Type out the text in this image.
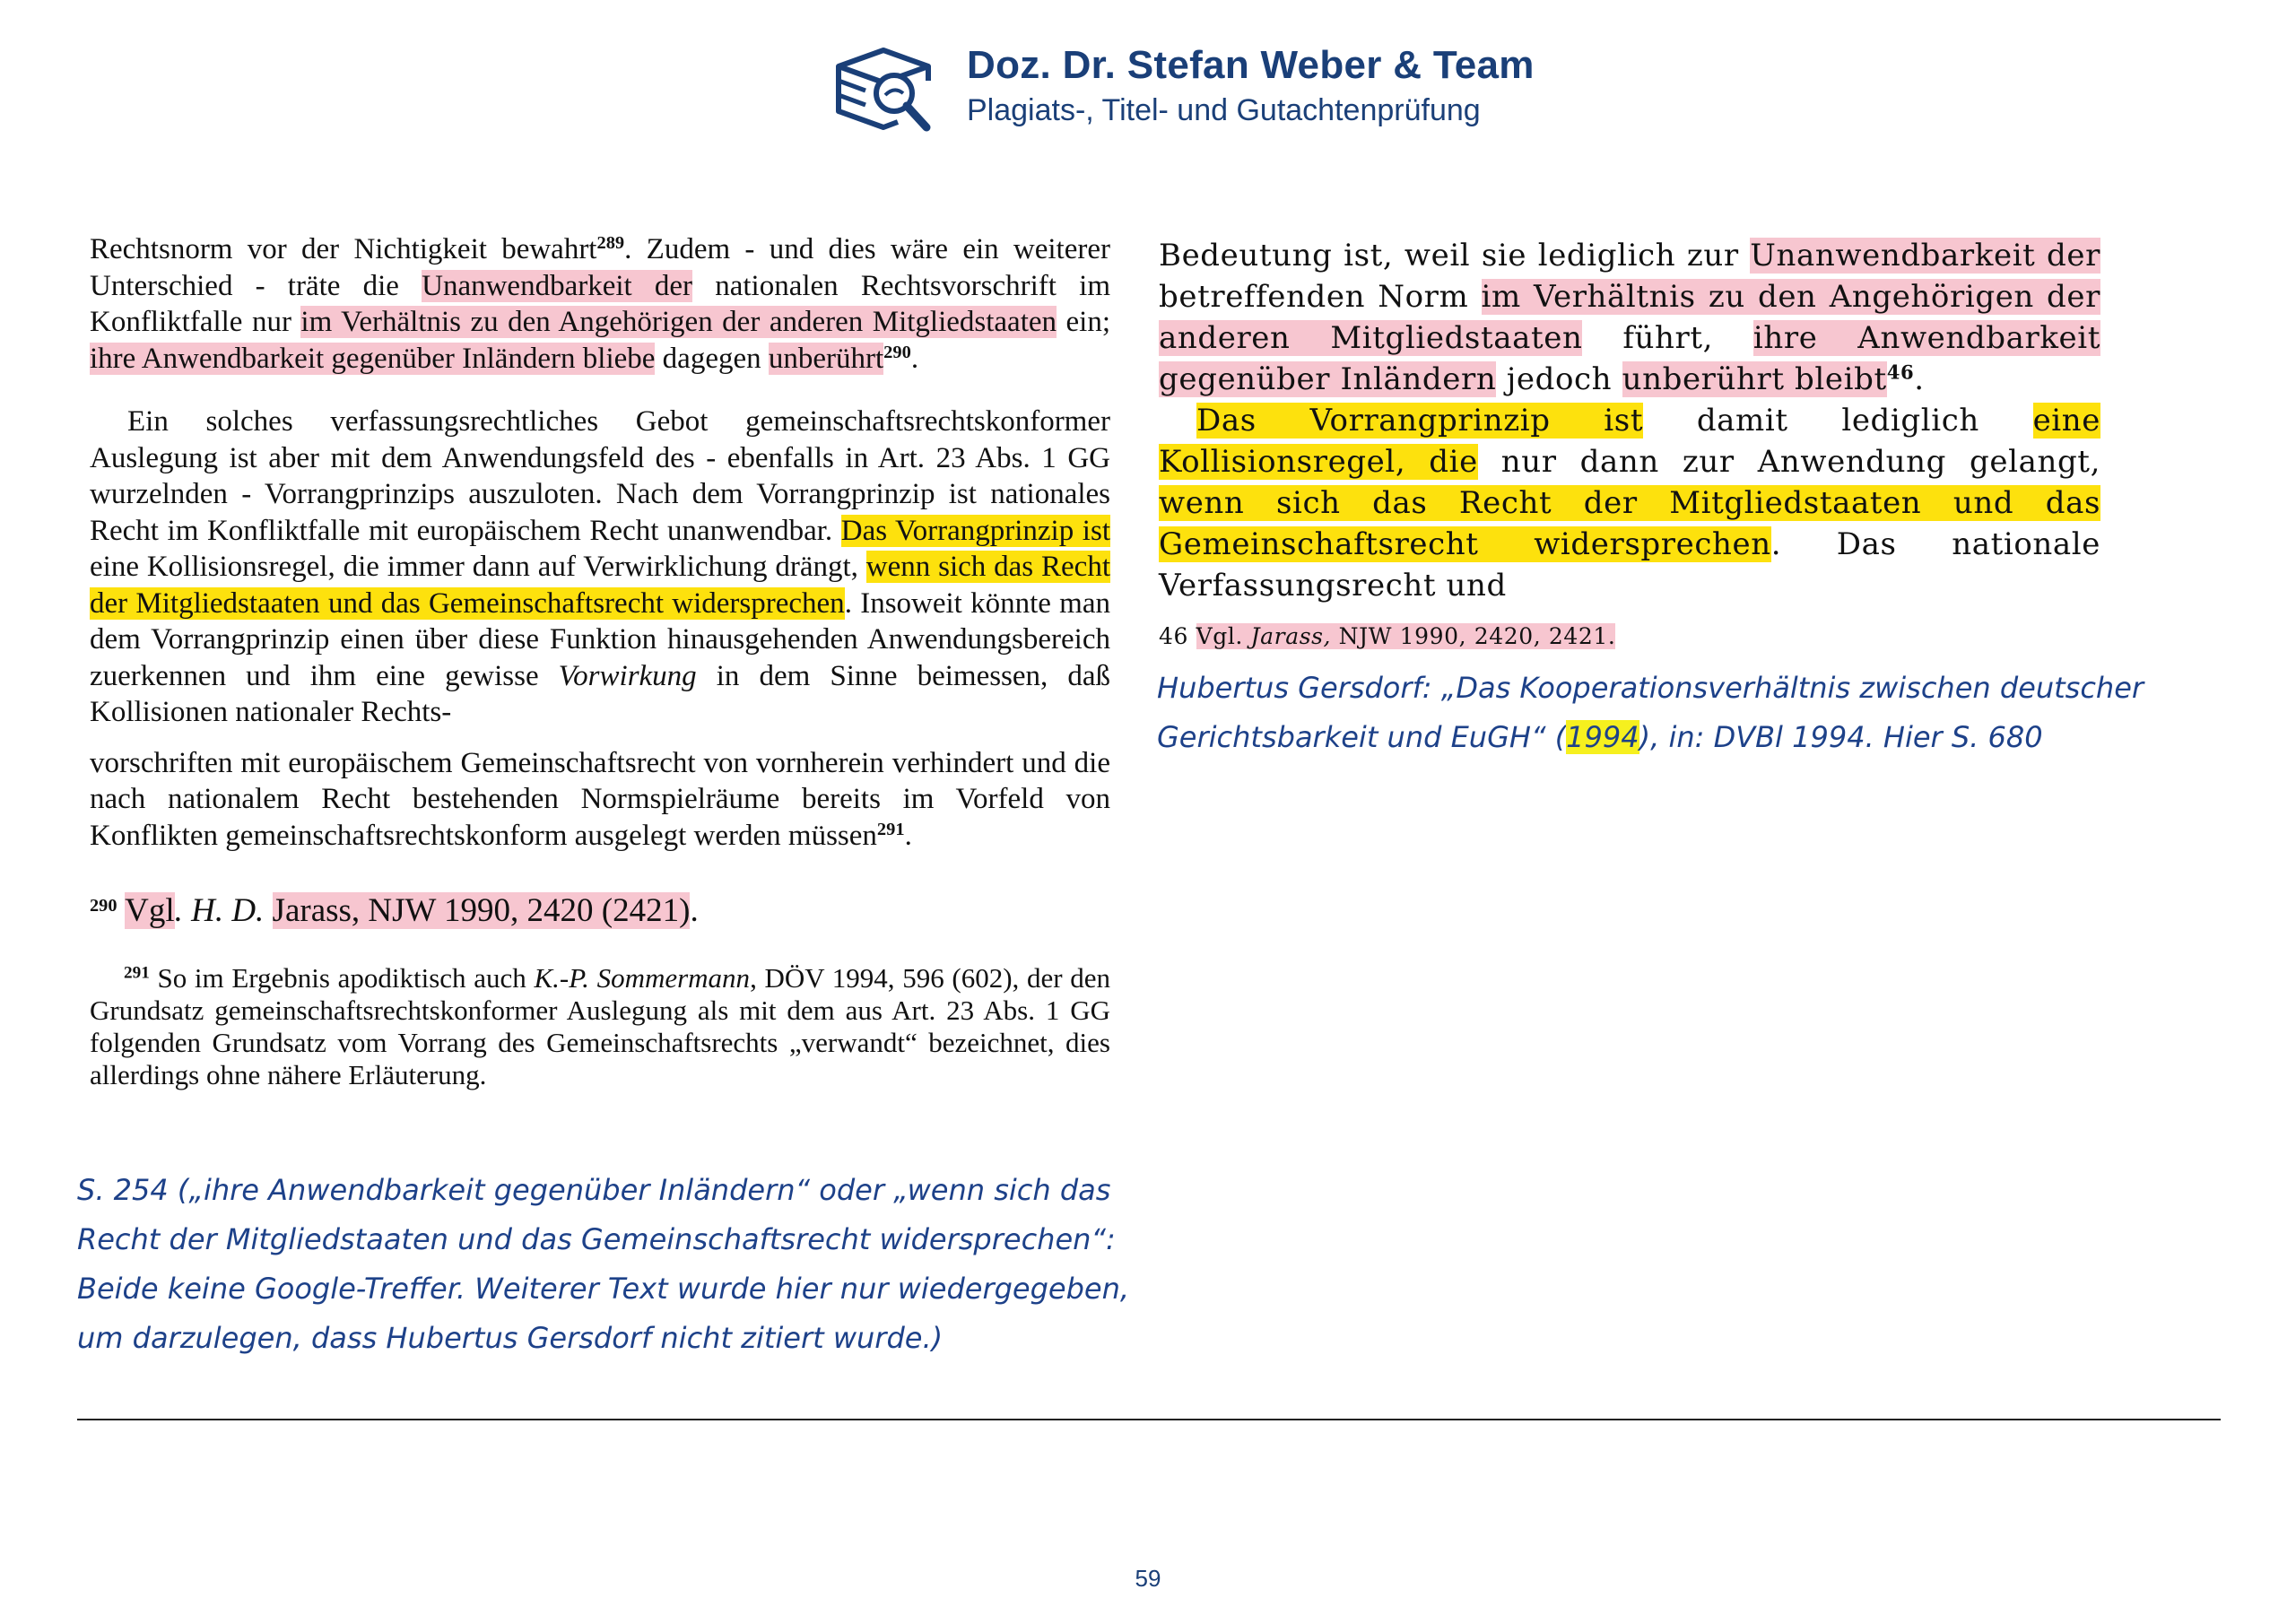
Doz. Dr. Stefan Weber & Team
Plagiats-, Titel- und Gutachtenprüfung

Rechtsnorm vor der Nichtigkeit bewahrt$^{289}$. Zudem - und dies wäre ein weiterer Unterschied - träte die Unanwendbarkeit der nationalen Rechtsvorschrift im Konfliktfalle nur im Verhältnis zu den Angehörigen der anderen Mitgliedstaaten ein; ihre Anwendbarkeit gegenüber Inländern bliebe dagegen unberührt$^{290}$.

Ein solches verfassungsrechtliches Gebot gemeinschaftsrechtskonformer Auslegung ist aber mit dem Anwendungsfeld des - ebenfalls in Art. 23 Abs. 1 GG wurzelnden - Vorrangprinzips auszuloten. Nach dem Vorrangprinzip ist nationales Recht im Konfliktfalle mit europäischem Recht unanwendbar. Das Vorrangprinzip ist eine Kollisionsregel, die immer dann auf Verwirklichung drängt, wenn sich das Recht der Mitgliedstaaten und das Gemeinschaftsrecht widersprechen. Insoweit könnte man dem Vorrangprinzip einen über diese Funktion hinausgehenden Anwendungsbereich zuerkennen und ihm eine gewisse Vorwirkung in dem Sinne beimessen, daß Kollisionen nationaler Rechts-

vorschriften mit europäischem Gemeinschaftsrecht von vornherein verhindert und die nach nationalem Recht bestehenden Normspielräume bereits im Vorfeld von Konflikten gemeinschaftsrechtskonform ausgelegt werden müssen$^{291}$.

$^{290}$ Vgl. H. D. Jarass, NJW 1990, 2420 (2421).

$^{291}$ So im Ergebnis apodiktisch auch K.-P. Sommermann, DÖV 1994, 596 (602), der den Grundsatz gemeinschaftsrechtskonformer Auslegung als mit dem aus Art. 23 Abs. 1 GG folgenden Grundsatz vom Vorrang des Gemeinschaftsrechts „verwandt“ bezeichnet, dies allerdings ohne nähere Erläuterung.

Bedeutung ist, weil sie lediglich zur Unanwendbarkeit der betreffenden Norm im Verhältnis zu den Angehörigen der anderen Mitgliedstaaten führt, ihre Anwendbarkeit gegenüber Inländern jedoch unberührt bleibt$^{46}$.

Das Vorrangprinzip ist damit lediglich eine Kollisionsregel, die nur dann zur Anwendung gelangt, wenn sich das Recht der Mitgliedstaaten und das Gemeinschaftsrecht widersprechen. Das nationale Verfassungsrecht und

46 Vgl. Jarass, NJW 1990, 2420, 2421.

Hubertus Gersdorf: „Das Kooperationsverhältnis zwischen deutscher Gerichtsbarkeit und EuGH“ (1994), in: DVBl 1994. Hier S. 680
S. 254 („ihre Anwendbarkeit gegenüber Inländern“ oder „wenn sich das Recht der Mitgliedstaaten und das Gemeinschaftsrecht widersprechen“: Beide keine Google-Treffer. Weiterer Text wurde hier nur wiedergegeben, um darzulegen, dass Hubertus Gersdorf nicht zitiert wurde.)
59
